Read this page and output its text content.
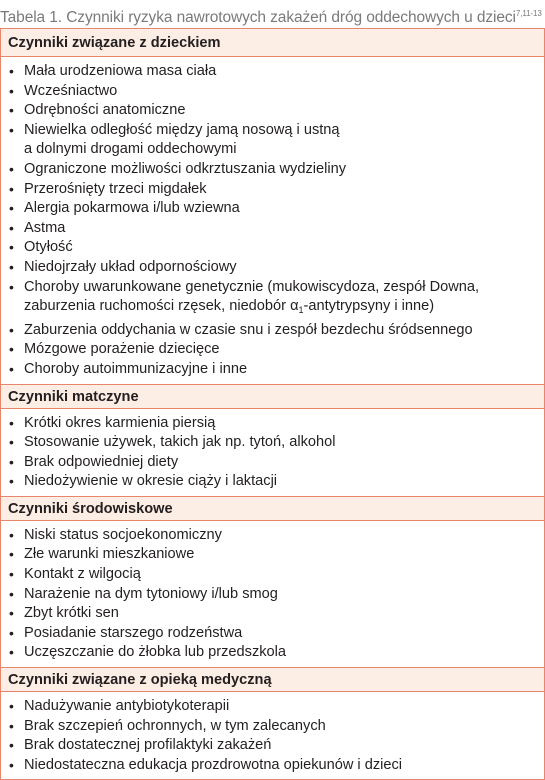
Tabela 1. Czynniki ryzyka nawrotowych zakażeń dróg oddechowych u dzieci$^{7,11-13}$
Czynniki związane z dzieckiem
• Mała urodzeniowa masa ciała
• Wcześniactwo
• Odrębności anatomiczne
• Niewielka odległość między jamą nosową i ustną
a dolnymi drogami oddechowymi
• Ograniczone możliwości odkrztuszania wydzieliny
• Przerośnięty trzeci migdałek
• Alergia pokarmowa i/lub wziewna
• Astma
• Otyłość
• Niedojrzały układ odpornościowy
• Choroby uwarunkowane genetycznie (mukowiscydoza, zespół Downa,
zaburzenia ruchomości rzęsek, niedobór $\alpha_1$-antytrypsyny i inne)
• Zaburzenia oddychania w czasie snu i zespół bezdechu śródsennego
• Mózgowe porażenie dziecięce
• Choroby autoimmunizacyjne i inne
Czynniki matczyne
• Krótki okres karmienia piersią
• Stosowanie używek, takich jak np. tytoń, alkohol
• Brak odpowiedniej diety
• Niedożywienie w okresie ciąży i laktacji
Czynniki środowiskowe
• Niski status socjoekonomiczny
• Złe warunki mieszkaniowe
• Kontakt z wilgocią
• Narażenie na dym tytoniowy i/lub smog
• Zbyt krótki sen
• Posiadanie starszego rodzeństwa
• Uczęszczanie do żłobka lub przedszkola
Czynniki związane z opieką medyczną
• Nadużywanie antybiotykoterapii
• Brak szczepień ochronnych, w tym zalecanych
• Brak dostatecznej profilaktyki zakażeń
• Niedostateczna edukacja prozdrowotna opiekunów i dzieci
